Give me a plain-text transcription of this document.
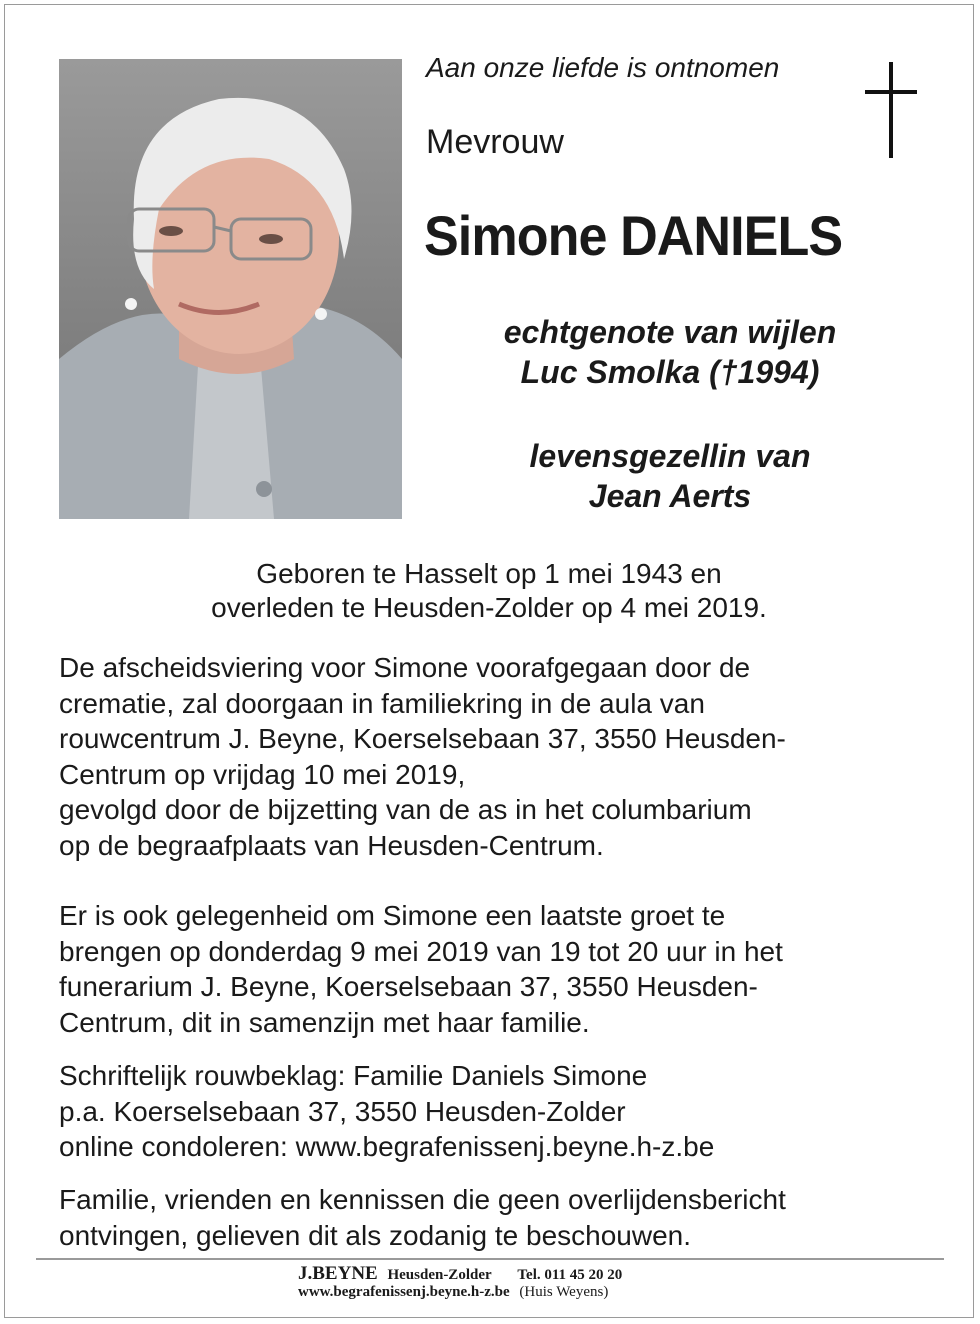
Aan onze liefde is ontnomen
Mevrouw
Simone DANIELS
echtgenote van wijlen
Luc Smolka (†1994)
levensgezellin van
Jean Aerts
Geboren te Hasselt op 1 mei 1943 en
overleden te Heusden-Zolder op 4 mei 2019.
De afscheidsviering voor Simone voorafgegaan door de
crematie, zal doorgaan in familiekring in de aula van
rouwcentrum J. Beyne, Koerselsebaan 37, 3550 Heusden-
Centrum op vrijdag 10 mei 2019,
gevolgd door de bijzetting van de as in het columbarium
op de begraafplaats van Heusden-Centrum.
Er is ook gelegenheid om Simone een laatste groet te
brengen op donderdag 9 mei 2019 van 19 tot 20 uur in het
funerarium J. Beyne, Koerselsebaan 37, 3550 Heusden-
Centrum, dit in samenzijn met haar familie.
Schriftelijk rouwbeklag: Familie Daniels Simone
p.a. Koerselsebaan 37, 3550 Heusden-Zolder
online condoleren: www.begrafenissenj.beyne.h-z.be
Familie, vrienden en kennissen die geen overlijdensbericht
ontvingen, gelieven dit als zodanig te beschouwen.
J.BEYNE Heusden-Zolder Tel. 011 45 20 20
www.begrafenissenj.beyne.h-z.be (Huis Weyens)
